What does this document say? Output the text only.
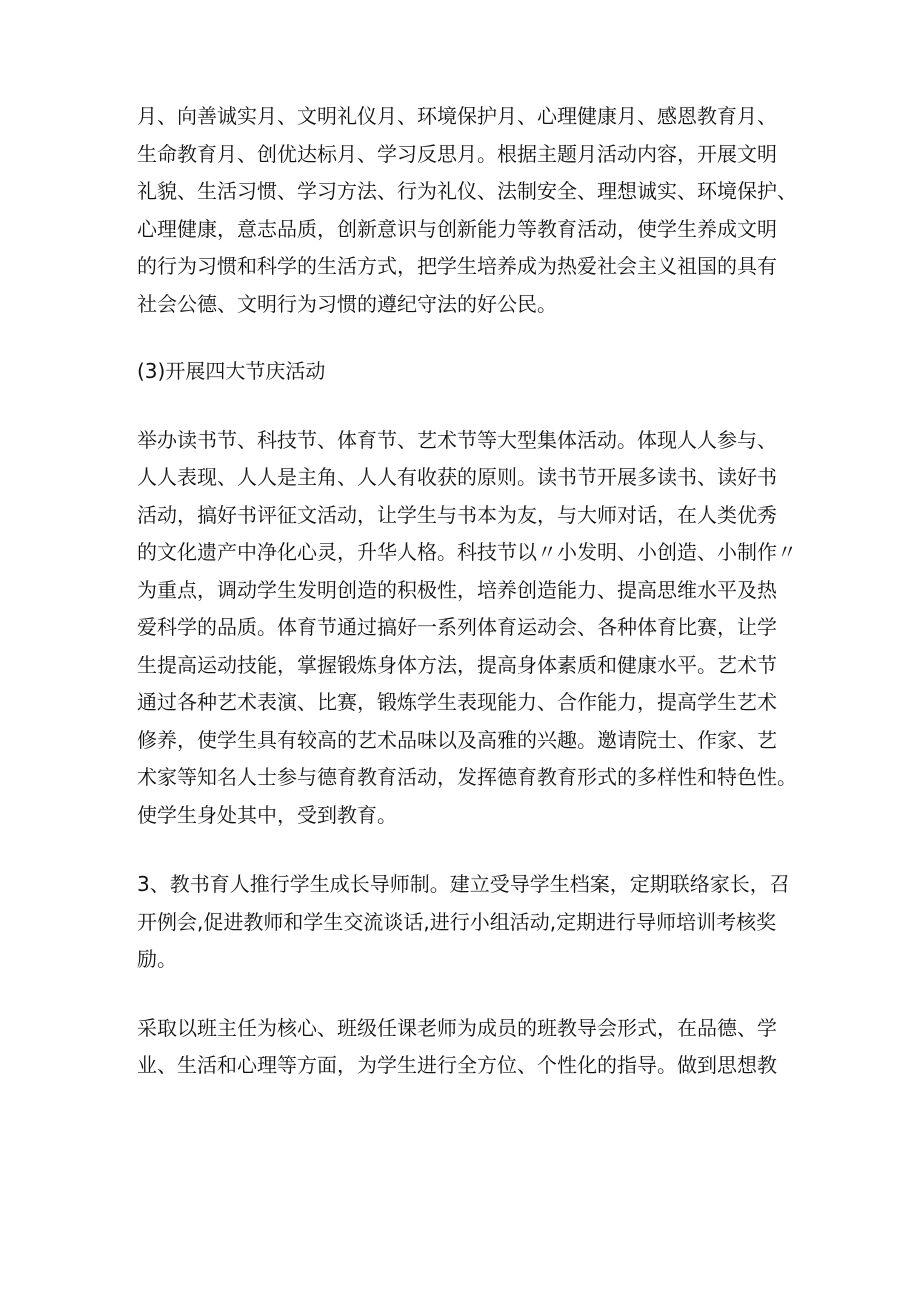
月、向善诚实月、文明礼仪月、环境保护月、心理健康月、感恩教育月、
生命教育月、创优达标月、学习反思月。根据主题月活动内容，开展文明
礼貌、生活习惯、学习方法、行为礼仪、法制安全、理想诚实、环境保护、
心理健康，意志品质，创新意识与创新能力等教育活动，使学生养成文明
的行为习惯和科学的生活方式，把学生培养成为热爱社会主义祖国的具有
社会公德、文明行为习惯的遵纪守法的好公民。
(3)开展四大节庆活动
举办读书节、科技节、体育节、艺术节等大型集体活动。体现人人参与、
人人表现、人人是主角、人人有收获的原则。读书节开展多读书、读好书
活动，搞好书评征文活动，让学生与书本为友，与大师对话，在人类优秀
的文化遗产中净化心灵，升华人格。科技节以〃小发明、小创造、小制作〃
为重点，调动学生发明创造的积极性，培养创造能力、提高思维水平及热
爱科学的品质。体育节通过搞好一系列体育运动会、各种体育比赛，让学
生提高运动技能，掌握锻炼身体方法，提高身体素质和健康水平。艺术节
通过各种艺术表演、比赛，锻炼学生表现能力、合作能力，提高学生艺术
修养，使学生具有较高的艺术品味以及高雅的兴趣。邀请院士、作家、艺
术家等知名人士参与德育教育活动，发挥德育教育形式的多样性和特色性。
使学生身处其中，受到教育。
3、教书育人推行学生成长导师制。建立受导学生档案，定期联络家长，召
开例会,促进教师和学生交流谈话,进行小组活动,定期进行导师培训考核奖
励。
采取以班主任为核心、班级任课老师为成员的班教导会形式，在品德、学
业、生活和心理等方面，为学生进行全方位、个性化的指导。做到思想教
